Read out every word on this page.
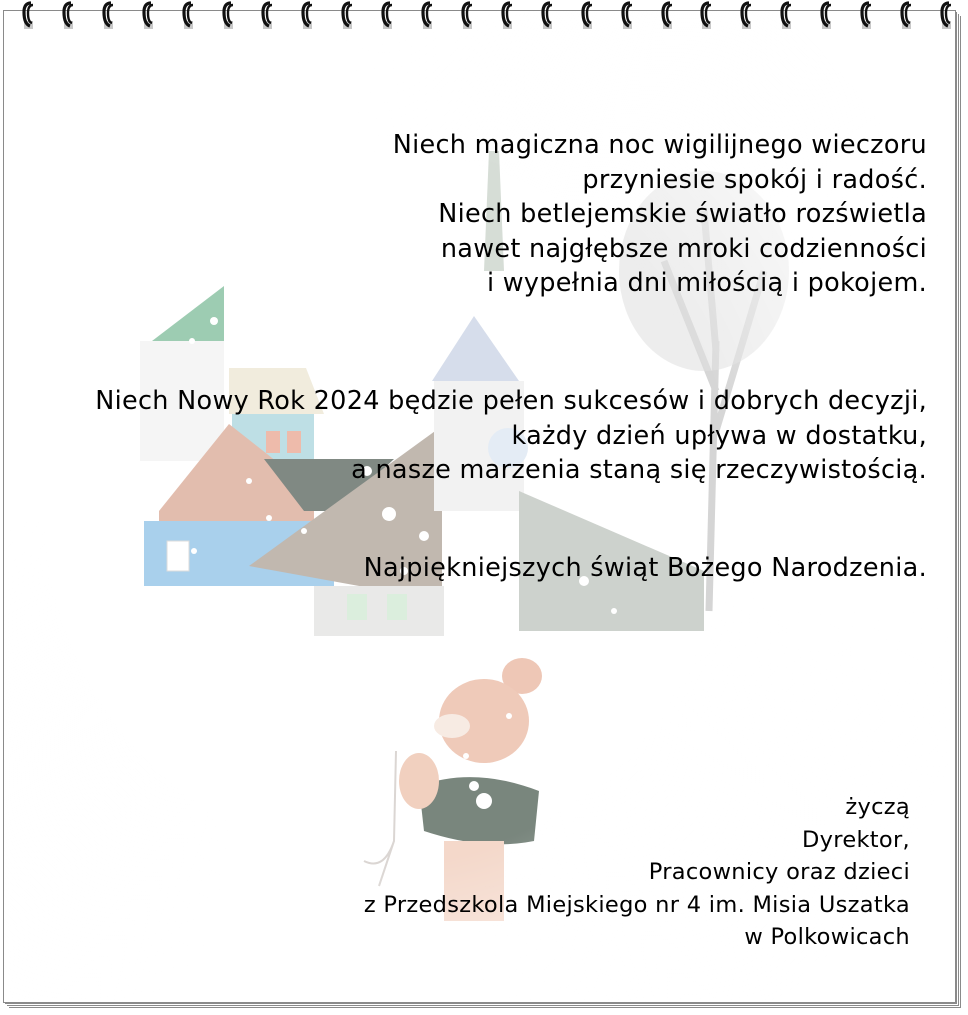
Niech magiczna noc wigilijnego wieczoru
przyniesie spokój i radość.
Niech betlejemskie światło rozświetla
nawet najgłębsze mroki codzienności
i wypełnia dni miłością i pokojem.
Niech Nowy Rok 2024 będzie pełen sukcesów i dobrych decyzji,
każdy dzień upływa w dostatku,
a nasze marzenia staną się rzeczywistością.
Najpiękniejszych świąt Bożego Narodzenia.
życzą
Dyrektor,
Pracownicy oraz dzieci
z Przedszkola Miejskiego nr 4 im. Misia Uszatka
w Polkowicach
